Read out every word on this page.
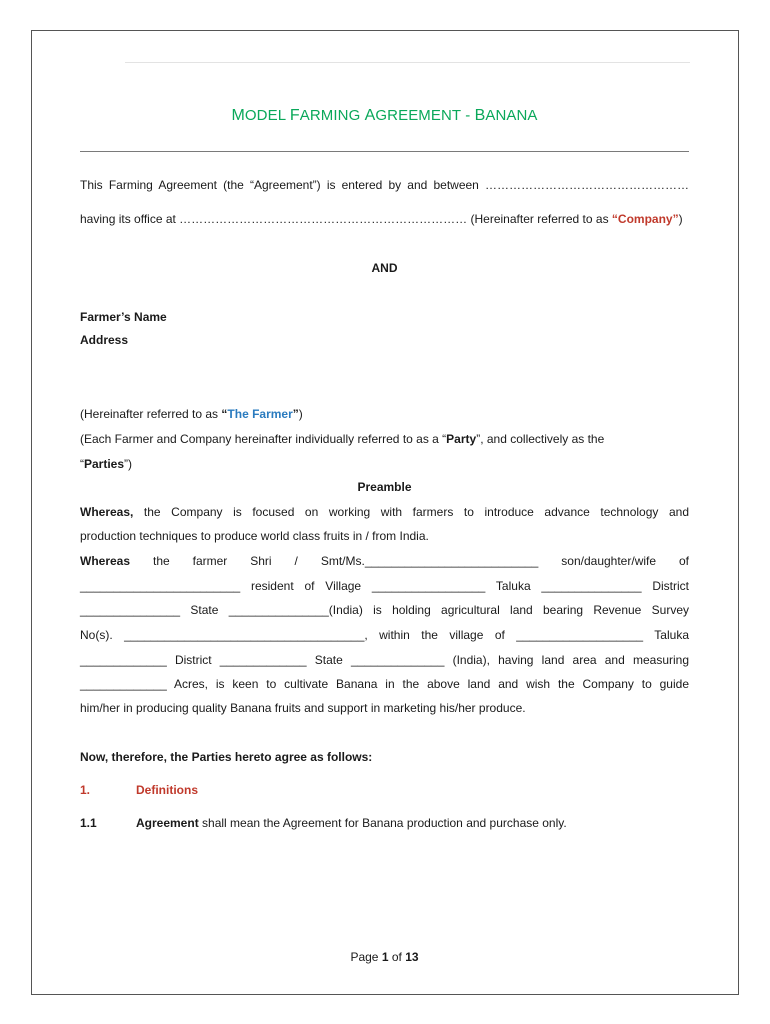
MODEL FARMING AGREEMENT - BANANA
This Farming Agreement (the “Agreement”) is entered by and between ……………………………………………
having its office at ……………………………………………………………… (Hereinafter referred to as “Company”)
AND
Farmer’s Name
Address
(Hereinafter referred to as “The Farmer”)
(Each Farmer and Company hereinafter individually referred to as a “Party”, and collectively as the
“Parties”)
Preamble
Whereas, the Company is focused on working with farmers to introduce advance technology and
production techniques to produce world class fruits in / from India.
Whereas the farmer Shri / Smt/Ms.__________________________ son/daughter/wife of
________________________ resident of Village _________________ Taluka _______________ District
_______________ State _______________(India) is holding agricultural land bearing Revenue Survey
No(s). ____________________________________, within the village of ___________________ Taluka
_____________ District _____________ State ______________ (India), having land area and measuring
_____________ Acres, is keen to cultivate Banana in the above land and wish the Company to guide
him/her in producing quality Banana fruits and support in marketing his/her produce.
Now, therefore, the Parties hereto agree as follows:
1.	Definitions
1.1	Agreement shall mean the Agreement for Banana production and purchase only.
Page 1 of 13
